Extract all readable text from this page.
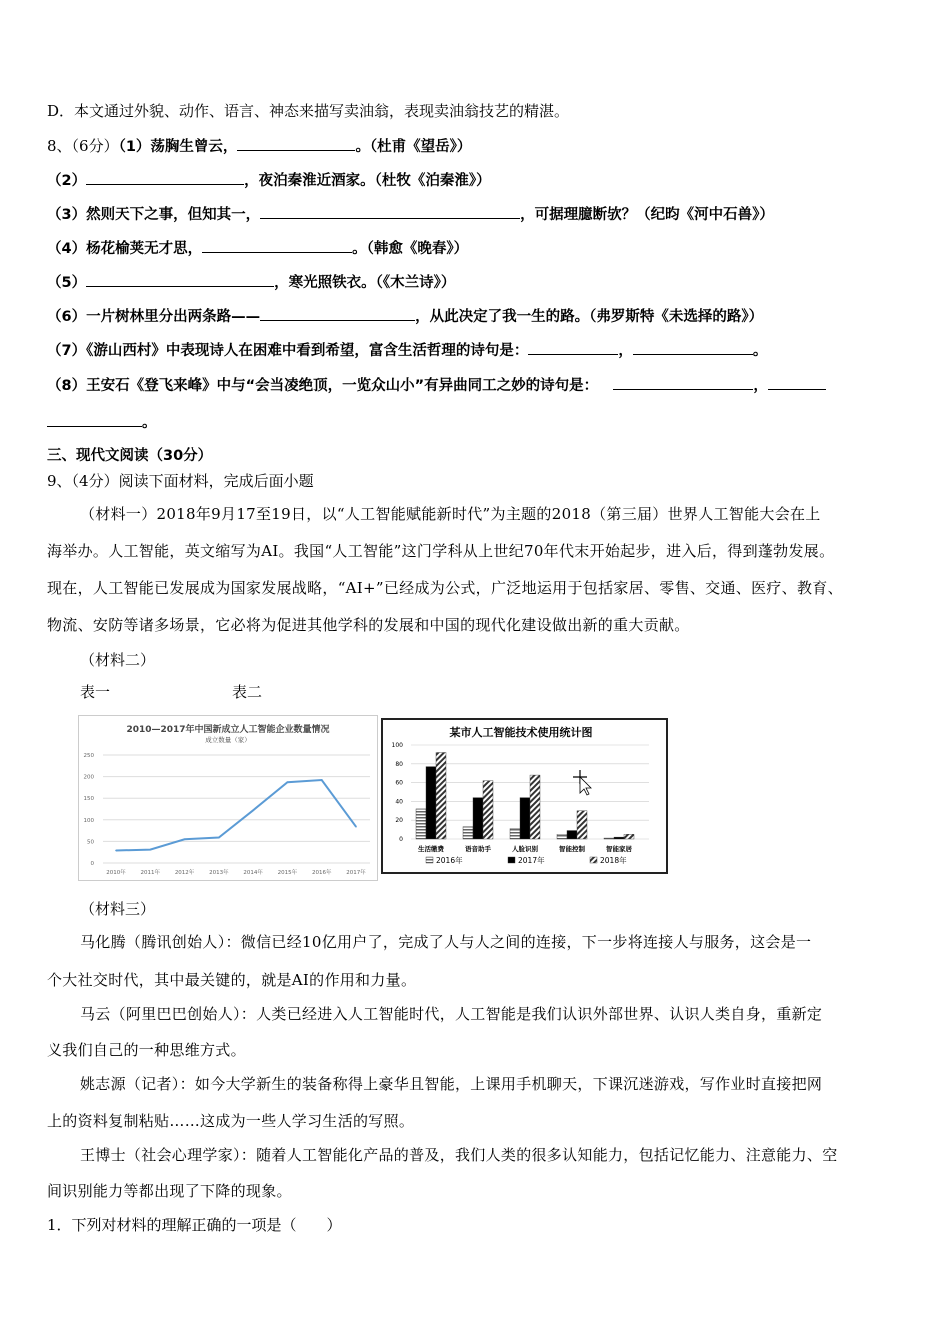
D．本文通过外貌、动作、语言、神态来描写卖油翁，表现卖油翁技艺的精湛。
8、（6分）（1）荡胸生曾云，	。（杜甫《望岳》）
（2）	，夜泊秦淮近酒家。（杜牧《泊秦淮》）
（3）然则天下之事，但知其一，	，可据理臆断欤？（纪昀《河中石兽》）
（4）杨花榆荚无才思，	。（韩愈《晚春》）
（5）	，寒光照铁衣。（《木兰诗》）
（6）一片树林里分出两条路——	，从此决定了我一生的路。（弗罗斯特《未选择的路》）
（7）《游山西村》中表现诗人在困难中看到希望，富含生活哲理的诗句是：	，	。
（8）王安石《登飞来峰》中与“会当凌绝顶，一览众山小”有异曲同工之妙的诗句是：	，
。
三、现代文阅读（30分）
9、（4分）阅读下面材料，完成后面小题
（材料一）2018年9月17至19日，以“人工智能赋能新时代”为主题的2018（第三届）世界人工智能大会在上
海举办。人工智能，英文缩写为AI。我国“人工智能”这门学科从上世纪70年代末开始起步，进入后，得到蓬勃发展。
现在，人工智能已发展成为国家发展战略，“AI+”已经成为公式，广泛地运用于包括家居、零售、交通、医疗、教育、
物流、安防等诸多场景，它必将为促进其他学科的发展和中国的现代化建设做出新的重大贡献。
（材料二）
表一	表二
2010—2017年中国新成立人工智能企业数量情况
成立数量（家）
0
50
100
150
200
250
2010年	2011年	2012年	2013年	2014年	2015年	2016年	2017年
某市人工智能技术使用统计图
0
20
40
60
80
100
生活缴费	语音助手	人脸识别	智能控制	智能家居
2016年	2017年	2018年
（材料三）
马化腾（腾讯创始人）：微信已经10亿用户了，完成了人与人之间的连接，下一步将连接人与服务，这会是一
个大社交时代，其中最关键的，就是AI的作用和力量。
马云（阿里巴巴创始人）：人类已经进入人工智能时代，人工智能是我们认识外部世界、认识人类自身，重新定
义我们自己的一种思维方式。
姚志源（记者）：如今大学新生的装备称得上豪华且智能，上课用手机聊天，下课沉迷游戏，写作业时直接把网
上的资料复制粘贴……这成为一些人学习生活的写照。
王博士（社会心理学家）：随着人工智能化产品的普及，我们人类的很多认知能力，包括记忆能力、注意能力、空
间识别能力等都出现了下降的现象。
1．下列对材料的理解正确的一项是（　　）
